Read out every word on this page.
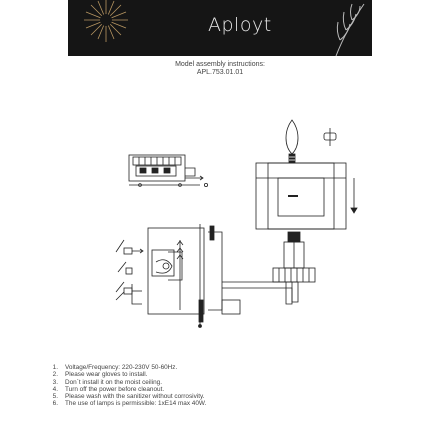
Aployt
Model assembly instructions:
APL.753.01.01
1. Voltage/Frequency: 220-230V 50-60Hz.
2. Please wear gloves to install.
3. Don`t install it on the moist ceiling.
4. Turn off the power before cleanout.
5. Please wash with the sanitizer without corrosivity.
6. The use of lamps is permissible: 1xE14 max 40W.
